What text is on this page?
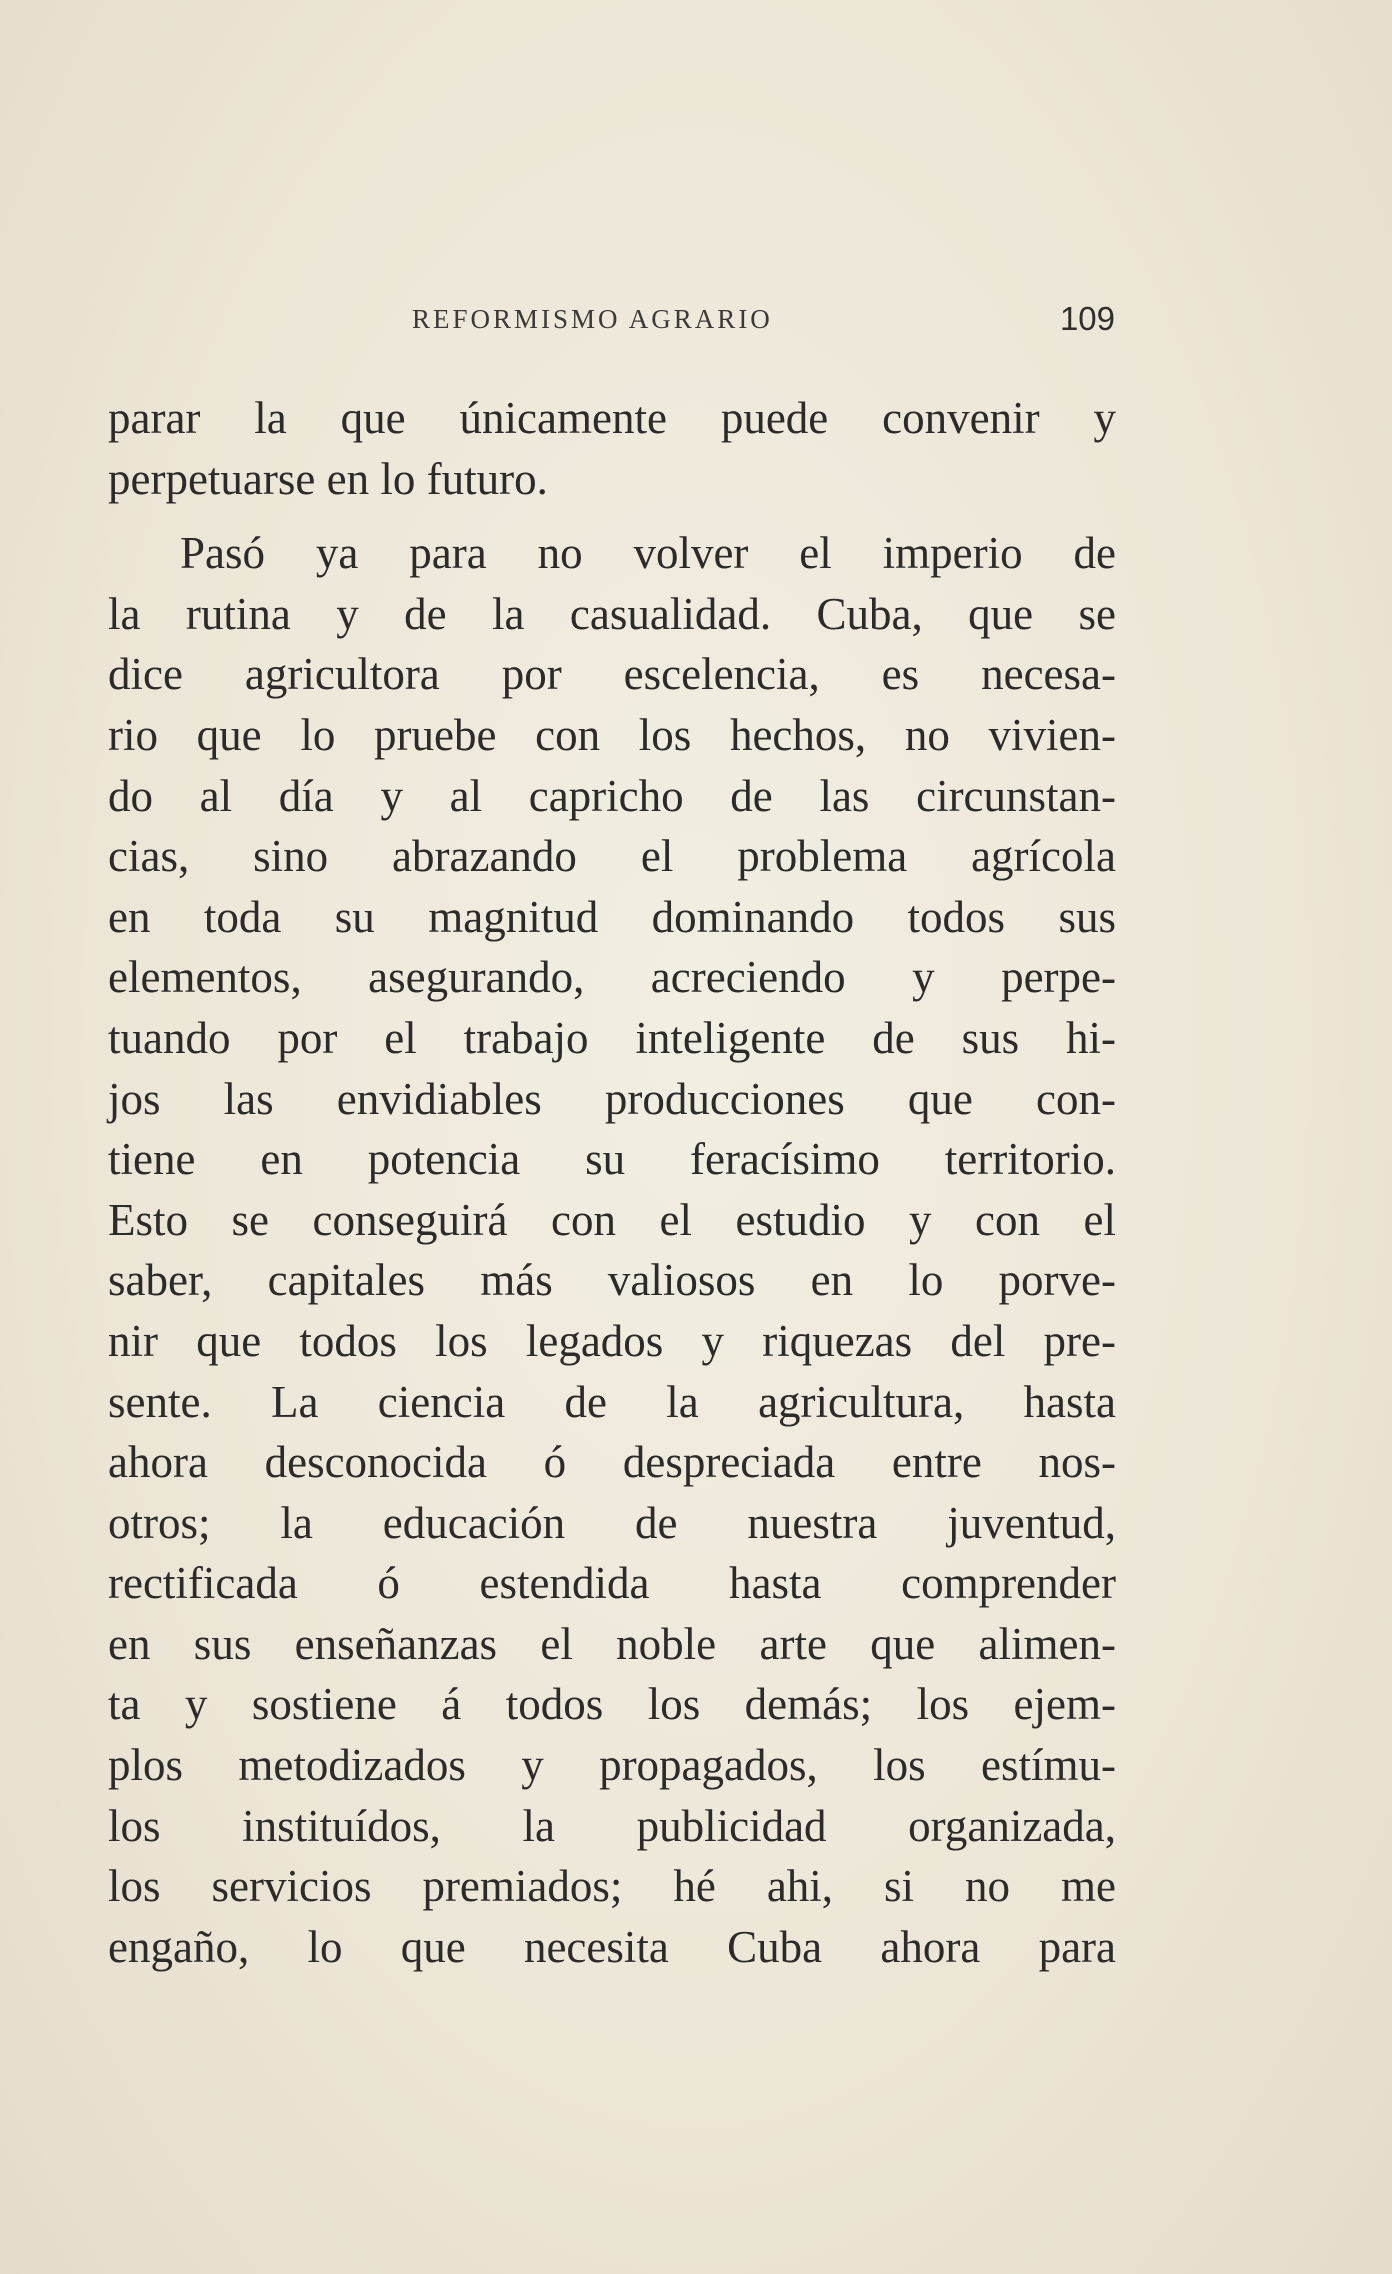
REFORMISMO AGRARIO	109
parar la que únicamente puede convenir y
perpetuarse en lo futuro.
Pasó ya para no volver el imperio de
la rutina y de la casualidad. Cuba, que se
dice agricultora por escelencia, es necesa-
rio que lo pruebe con los hechos, no vivien-
do al día y al capricho de las circunstan-
cias, sino abrazando el problema agrícola
en toda su magnitud dominando todos sus
elementos, asegurando, acreciendo y perpe-
tuando por el trabajo inteligente de sus hi-
jos las envidiables producciones que con-
tiene en potencia su feracísimo territorio.
Esto se conseguirá con el estudio y con el
saber, capitales más valiosos en lo porve-
nir que todos los legados y riquezas del pre-
sente. La ciencia de la agricultura, hasta
ahora desconocida ó despreciada entre nos-
otros; la educación de nuestra juventud,
rectificada ó estendida hasta comprender
en sus enseñanzas el noble arte que alimen-
ta y sostiene á todos los demás; los ejem-
plos metodizados y propagados, los estímu-
los instituídos, la publicidad organizada,
los servicios premiados; hé ahi, si no me
engaño, lo que necesita Cuba ahora para
